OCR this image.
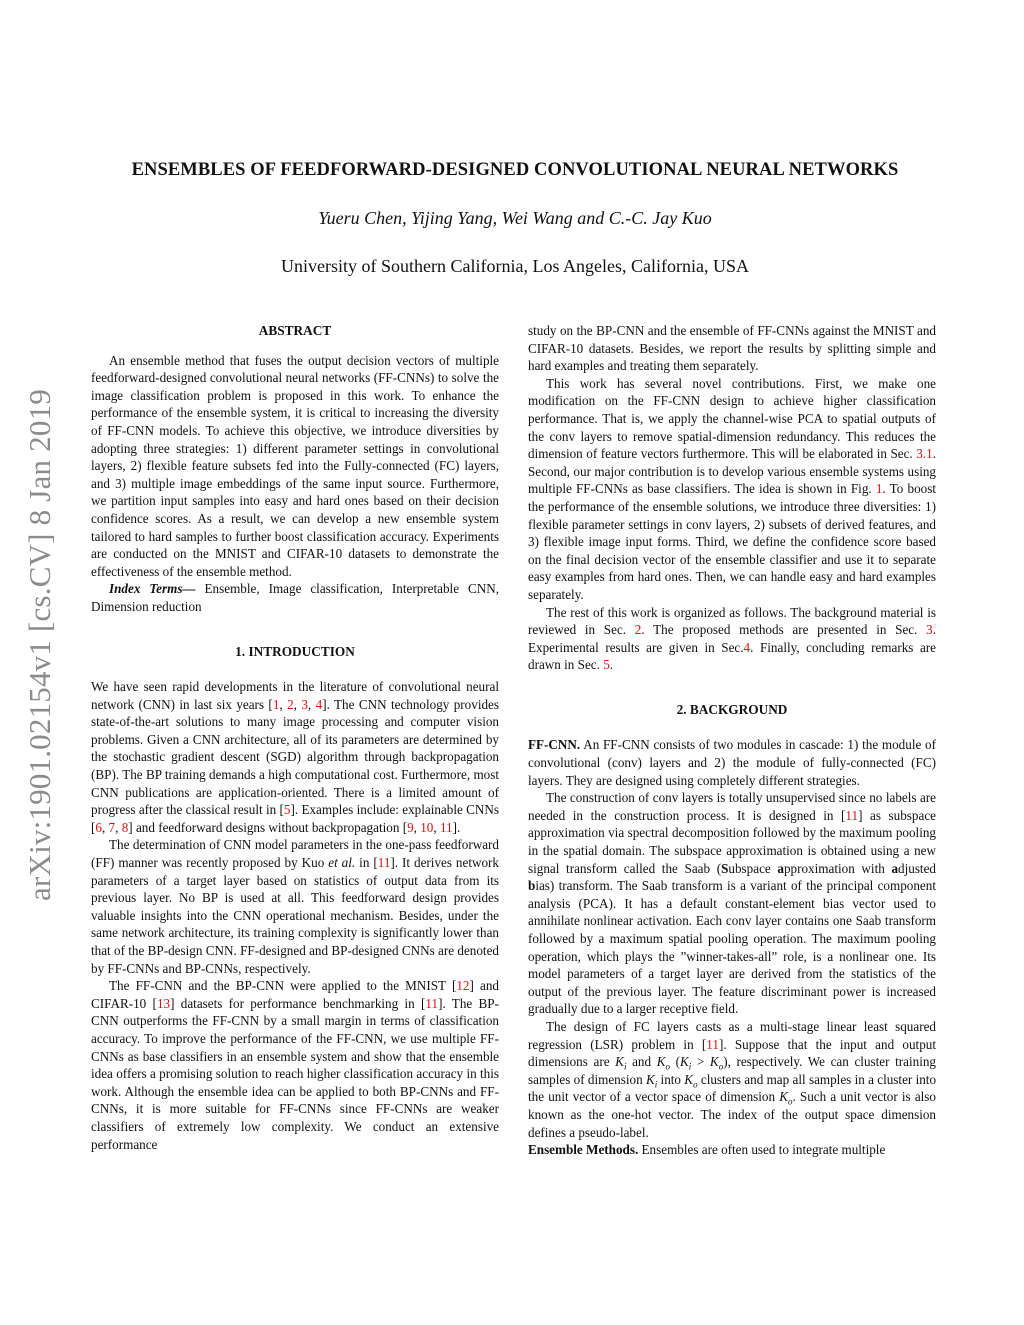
arXiv:1901.02154v1 [cs.CV] 8 Jan 2019
ENSEMBLES OF FEEDFORWARD-DESIGNED CONVOLUTIONAL NEURAL NETWORKS
Yueru Chen, Yijing Yang, Wei Wang and C.-C. Jay Kuo
University of Southern California, Los Angeles, California, USA
ABSTRACT

An ensemble method that fuses the output decision vectors of multiple feedforward-designed convolutional neural networks (FF-CNNs) to solve the image classification problem is proposed in this work. To enhance the performance of the ensemble system, it is critical to increasing the diversity of FF-CNN models. To achieve this objective, we introduce diversities by adopting three strategies: 1) different parameter settings in convolutional layers, 2) flexible feature subsets fed into the Fully-connected (FC) layers, and 3) multiple image embeddings of the same input source. Furthermore, we partition input samples into easy and hard ones based on their decision confidence scores. As a result, we can develop a new ensemble system tailored to hard samples to further boost classification accuracy. Experiments are conducted on the MNIST and CIFAR-10 datasets to demonstrate the effectiveness of the ensemble method.

Index Terms— Ensemble, Image classification, Interpretable CNN, Dimension reduction

1. INTRODUCTION

We have seen rapid developments in the literature of convolutional neural network (CNN) in last six years [1, 2, 3, 4]. The CNN technology provides state-of-the-art solutions to many image processing and computer vision problems. Given a CNN architecture, all of its parameters are determined by the stochastic gradient descent (SGD) algorithm through backpropagation (BP). The BP training demands a high computational cost. Furthermore, most CNN publications are application-oriented. There is a limited amount of progress after the classical result in [5]. Examples include: explainable CNNs [6, 7, 8] and feedforward designs without backpropagation [9, 10, 11].

The determination of CNN model parameters in the one-pass feedforward (FF) manner was recently proposed by Kuo et al. in [11]. It derives network parameters of a target layer based on statistics of output data from its previous layer. No BP is used at all. This feedforward design provides valuable insights into the CNN operational mechanism. Besides, under the same network architecture, its training complexity is significantly lower than that of the BP-design CNN. FF-designed and BP-designed CNNs are denoted by FF-CNNs and BP-CNNs, respectively.

The FF-CNN and the BP-CNN were applied to the MNIST [12] and CIFAR-10 [13] datasets for performance benchmarking in [11]. The BP-CNN outperforms the FF-CNN by a small margin in terms of classification accuracy. To improve the performance of the FF-CNN, we use multiple FF-CNNs as base classifiers in an ensemble system and show that the ensemble idea offers a promising solution to reach higher classification accuracy in this work. Although the ensemble idea can be applied to both BP-CNNs and FF-CNNs, it is more suitable for FF-CNNs since FF-CNNs are weaker classifiers of extremely low complexity. We conduct an extensive performance

study on the BP-CNN and the ensemble of FF-CNNs against the MNIST and CIFAR-10 datasets. Besides, we report the results by splitting simple and hard examples and treating them separately.

This work has several novel contributions. First, we make one modification on the FF-CNN design to achieve higher classification performance. That is, we apply the channel-wise PCA to spatial outputs of the conv layers to remove spatial-dimension redundancy. This reduces the dimension of feature vectors furthermore. This will be elaborated in Sec. 3.1. Second, our major contribution is to develop various ensemble systems using multiple FF-CNNs as base classifiers. The idea is shown in Fig. 1. To boost the performance of the ensemble solutions, we introduce three diversities: 1) flexible parameter settings in conv layers, 2) subsets of derived features, and 3) flexible image input forms. Third, we define the confidence score based on the final decision vector of the ensemble classifier and use it to separate easy examples from hard ones. Then, we can handle easy and hard examples separately.

The rest of this work is organized as follows. The background material is reviewed in Sec. 2. The proposed methods are presented in Sec. 3. Experimental results are given in Sec.4. Finally, concluding remarks are drawn in Sec. 5.

2. BACKGROUND

FF-CNN. An FF-CNN consists of two modules in cascade: 1) the module of convolutional (conv) layers and 2) the module of fully-connected (FC) layers. They are designed using completely different strategies.

The construction of conv layers is totally unsupervised since no labels are needed in the construction process. It is designed in [11] as subspace approximation via spectral decomposition followed by the maximum pooling in the spatial domain. The subspace approximation is obtained using a new signal transform called the Saab (Subspace approximation with adjusted bias) transform. The Saab transform is a variant of the principal component analysis (PCA). It has a default constant-element bias vector used to annihilate nonlinear activation. Each conv layer contains one Saab transform followed by a maximum spatial pooling operation. The maximum pooling operation, which plays the ”winner-takes-all” role, is a nonlinear one. Its model parameters of a target layer are derived from the statistics of the output of the previous layer. The feature discriminant power is increased gradually due to a larger receptive field.

The design of FC layers casts as a multi-stage linear least squared regression (LSR) problem in [11]. Suppose that the input and output dimensions are $K_i$ and $K_o$ $(K_i > K_o)$, respectively. We can cluster training samples of dimension $K_i$ into $K_o$ clusters and map all samples in a cluster into the unit vector of a vector space of dimension $K_o$. Such a unit vector is also known as the one-hot vector. The index of the output space dimension defines a pseudo-label.

Ensemble Methods. Ensembles are often used to integrate multiple
